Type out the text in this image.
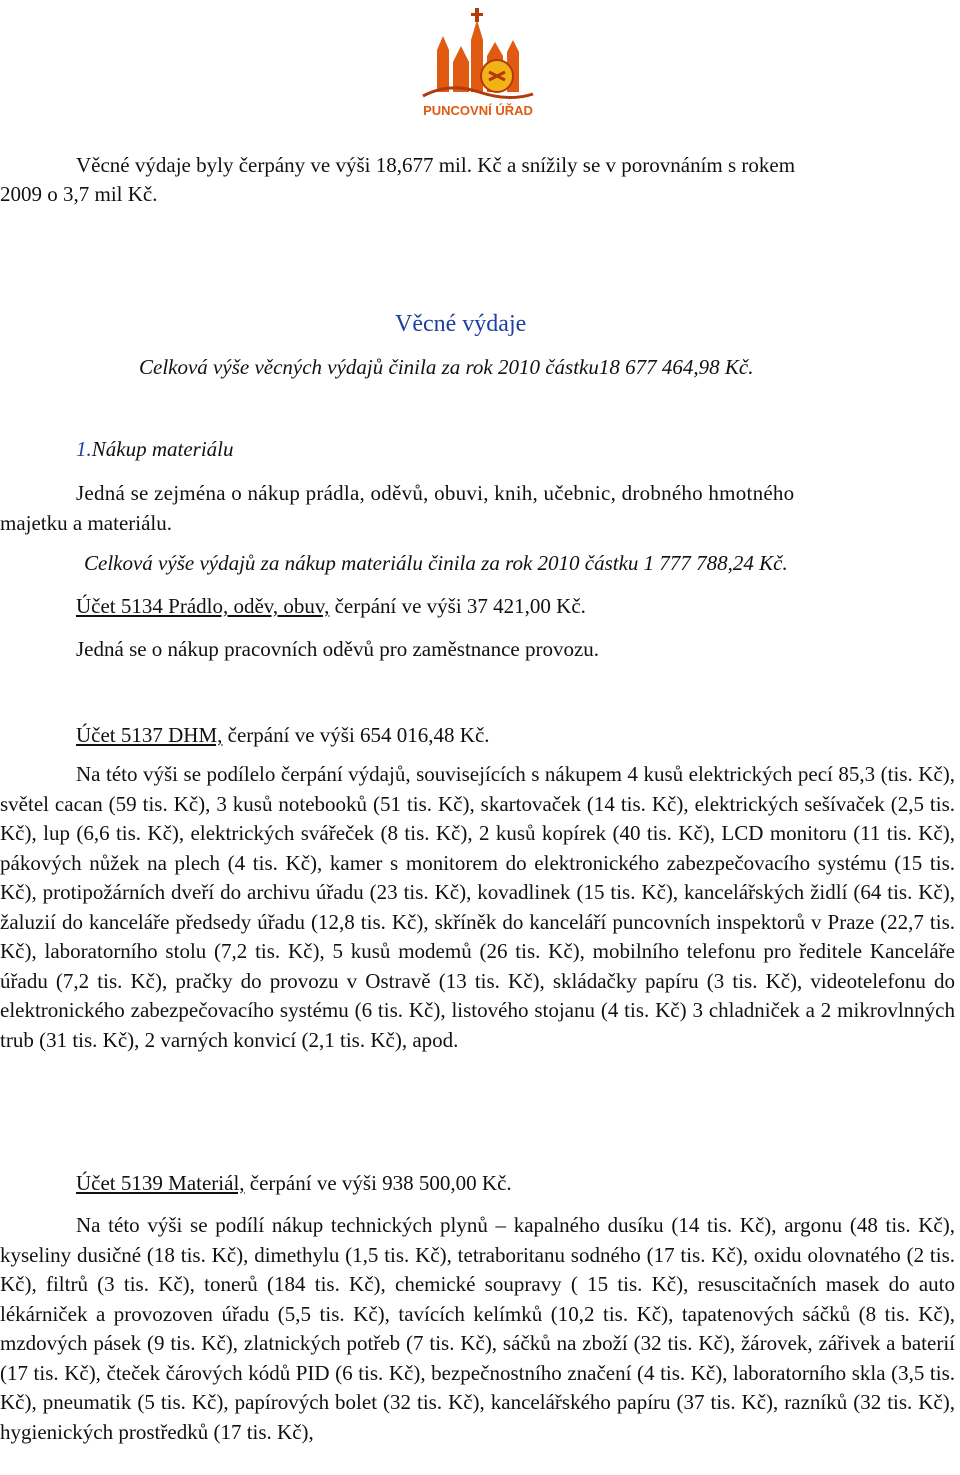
PUNCOVNÍ ÚŘAD
Věcné výdaje byly čerpány ve výši 18,677 mil. Kč a snížily se v porovnáním s rokem
2009 o 3,7 mil Kč.
Věcné výdaje
Celková výše věcných výdajů činila za rok 2010 částku18 677 464,98 Kč.
1.Nákup materiálu
Jedná se zejména o nákup prádla, oděvů, obuvi, knih, učebnic, drobného hmotného
majetku a materiálu.
Celková výše výdajů za nákup materiálu činila za rok 2010 částku 1 777 788,24 Kč.
Účet 5134 Prádlo, oděv, obuv, čerpání ve výši 37 421,00 Kč.
Jedná se o nákup pracovních oděvů pro zaměstnance provozu.
Účet 5137 DHM, čerpání ve výši 654 016,48 Kč.
Na této výši se podílelo čerpání výdajů, souvisejících s nákupem 4 kusů elektrických pecí 85,3 (tis. Kč), světel cacan (59 tis. Kč), 3 kusů notebooků (51 tis. Kč), skartovaček (14 tis. Kč), elektrických sešívaček (2,5 tis. Kč), lup (6,6 tis. Kč), elektrických svářeček (8 tis. Kč), 2 kusů kopírek (40 tis. Kč), LCD monitoru (11 tis. Kč), pákových nůžek na plech (4 tis. Kč), kamer s monitorem do elektronického zabezpečovacího systému (15 tis. Kč), protipožárních dveří do archivu úřadu (23 tis. Kč), kovadlinek (15 tis. Kč), kancelářských židlí (64 tis. Kč), žaluzií do kanceláře předsedy úřadu (12,8 tis. Kč), skříněk do kanceláří puncovních inspektorů v Praze (22,7 tis. Kč), laboratorního stolu (7,2 tis. Kč), 5 kusů modemů (26 tis. Kč), mobilního telefonu pro ředitele Kanceláře úřadu (7,2 tis. Kč), pračky do provozu v Ostravě (13 tis. Kč), skládačky papíru (3 tis. Kč), videotelefonu do elektronického zabezpečovacího systému (6 tis. Kč), listového stojanu (4 tis. Kč) 3 chladniček a 2 mikrovlnných trub (31 tis. Kč), 2 varných konvicí (2,1 tis. Kč), apod.
Účet 5139 Materiál, čerpání ve výši 938 500,00 Kč.
Na této výši se podílí nákup technických plynů – kapalného dusíku (14 tis. Kč), argonu (48 tis. Kč), kyseliny dusičné (18 tis. Kč), dimethylu (1,5 tis. Kč), tetraboritanu sodného (17 tis. Kč), oxidu olovnatého (2 tis. Kč), filtrů (3 tis. Kč), tonerů (184 tis. Kč), chemické soupravy ( 15 tis. Kč), resuscitačních masek do auto lékárniček a provozoven úřadu (5,5 tis. Kč), tavících kelímků (10,2 tis. Kč), tapatenových sáčků (8 tis. Kč), mzdových pásek (9 tis. Kč), zlatnických potřeb (7 tis. Kč), sáčků na zboží (32 tis. Kč), žárovek, zářivek a baterií (17 tis. Kč), čteček čárových kódů PID (6 tis. Kč), bezpečnostního značení (4 tis. Kč), laboratorního skla (3,5 tis. Kč), pneumatik (5 tis. Kč), papírových bolet (32 tis. Kč), kancelářského papíru (37 tis. Kč), razníků (32 tis. Kč), hygienických prostředků (17 tis. Kč),
